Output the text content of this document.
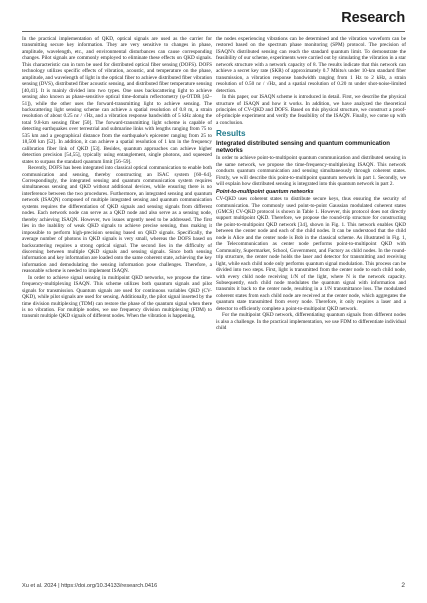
Research

In the practical implementation of QKD, optical signals are used as the carrier for transmitting secure key information. They are very sensitive to changes in phase, amplitude, wavelength, etc., and environmental disturbances can cause corresponding changes. Pilot signals are commonly employed to eliminate these effects on QKD signals. This characteristic can in turn be used for distributed optical fiber sensing (DOFS). DOFS technology utilizes specific effects of vibration, acoustic, and temperature on the phase, amplitude, and wavelength of light in the optical fiber to achieve distributed fiber vibration sensing (DVS), distributed fiber acoustic sensing, and distributed fiber temperature sensing [40,41]. It is mainly divided into two types. One uses backscattering light to achieve sensing also known as phase-sensitive optical time-domain reflectometry (φ-OTDR [42–51]), while the other uses the forward-transmitting light to achieve sensing. The backscattering light sensing scheme can achieve a spatial resolution of 0.8 m, a strain resolution of about 0.25 nε / √Hz, and a vibration response bandwidth of 5 kHz along the total 9.8-km sensing fiber [50]. The forward-transmitting light scheme is capable of detecting earthquakes over terrestrial and submarine links with lengths ranging from 75 to 535 km and a geographical distance from the earthquake's epicenter ranging from 25 to 18,500 km [52]. In addition, it can achieve a spatial resolution of 1 km in the frequency calibration fiber link of QKD [53]. Besides, quantum approaches can achieve higher detection precision [54,55], typically using entanglement, single photons, and squeezed states to surpass the standard quantum limit [56–59].

Recently, DOFS has been integrated into classical optical communication to enable both communication and sensing, thereby constructing an ISAC system [60–64]. Correspondingly, the integrated sensing and quantum communication system requires simultaneous sensing and QKD without additional devices, while ensuring there is no interference between the two procedures. Furthermore, an integrated sensing and quantum network (ISAQN) composed of multiple integrated sensing and quantum communication systems requires the differentiation of QKD signals and sensing signals from different nodes. Each network node can serve as a QKD node and also serve as a sensing node, thereby achieving ISAQN. However, two issues urgently need to be addressed. The first lies in the inability of weak QKD signals to achieve precise sensing, thus making it impossible to perform high-precision sensing based on QKD signals. Specifically, the average number of photons in QKD signals is very small, whereas the DOFS based on backscattering requires a strong optical signal. The second lies in the difficulty of discerning between multiple QKD signals and sensing signals. Since both sensing information and key information are loaded onto the same coherent state, achieving the key information and demodulating the sensing information pose challenges. Therefore, a reasonable scheme is needed to implement ISAQN.

In order to achieve signal sensing in multipoint QKD networks, we propose the time-frequency-multiplexing ISAQN. This scheme utilizes both quantum signals and pilot signals for transmission. Quantum signals are used for continuous variables QKD (CV-QKD), while pilot signals are used for sensing. Additionally, the pilot signal inserted by the time division multiplexing (TDM) can restore the phase of the quantum signal when there is no vibration. For multiple nodes, we use frequency division multiplexing (FDM) to transmit multiple QKD signals of different nodes. When the vibration is happening,

the nodes experiencing vibrations can be determined and the vibration waveform can be restored based on the spectrum phase monitoring (SPM) protocol. The precision of ISAQN's distributed sensing can reach the standard quantum limit. To demonstrate the feasibility of our scheme, experiments were carried out by simulating the vibration in a star network structure with a network capacity of 8. The results indicate that this network can achieve a secret key rate (SKR) of approximately 0.7 Mbits/s under 10-km standard fiber transmission, a vibration response bandwidth ranging from 1 Hz to 2 kHz, a strain resolution of 0.50 nε / √Hz, and a spatial resolution of 0.20 m under shot-noise-limited detection.

In this paper, our ISAQN scheme is introduced in detail. First, we describe the physical structure of ISAQN and how it works. In addition, we have analyzed the theoretical principles of CV-QKD and DOFS. Based on this physical structure, we construct a proof-of-principle experiment and verify the feasibility of the ISAQN. Finally, we come up with a conclusion.

Results
Integrated distributed sensing and quantum communication networks

In order to achieve point-to-multipoint quantum communication and distributed sensing in the same network, we propose the time-frequency-multiplexing ISAQN. This network conducts quantum communication and sensing simultaneously through coherent states. Firstly, we will describe this point-to-multipoint quantum network in part 1. Secondly, we will explain how distributed sensing is integrated into this quantum network in part 2.

Point-to-multipoint quantum networks

CV-QKD uses coherent states to distribute secure keys, thus ensuring the security of communication. The commonly used point-to-point Gaussian modulated coherent states (GMCS) CV-QKD protocol is shown in Table 1. However, this protocol does not directly support multipoint QKD. Therefore, we propose the round-trip structure for constructing the point-to-multipoint QKD network [34], shown in Fig. 1. This network enables QKD between the center node and each of the child nodes. It can be understood that the child node is Alice and the center node is Bob in the classical scheme. As illustrated in Fig. 1, the Telecommunication as center node performs point-to-multipoint QKD with Community, Supermarket, School, Government, and Factory as child nodes. In the round-trip structure, the center node holds the laser and detector for transmitting and receiving light, while each child node only performs quantum signal modulation. This process can be divided into two steps. First, light is transmitted from the center node to each child node, with every child node receiving 1/N of the light, where N is the network capacity. Subsequently, each child node modulates the quantum signal with information and transmits it back to the center node, resulting in a 1/N transmittance loss. The modulated coherent states from each child node are received at the center node, which aggregates the quantum state transmitted from every node. Therefore, it only requires a laser and a detector to efficiently complete a point-to-multipoint QKD network.

For the multipoint QKD network, differentiating quantum signals from different nodes is also a challenge. In the practical implementation, we use FDM to differentiate individual child

Xu et al. 2024 | https://doi.org/10.34133/research.0416	2
